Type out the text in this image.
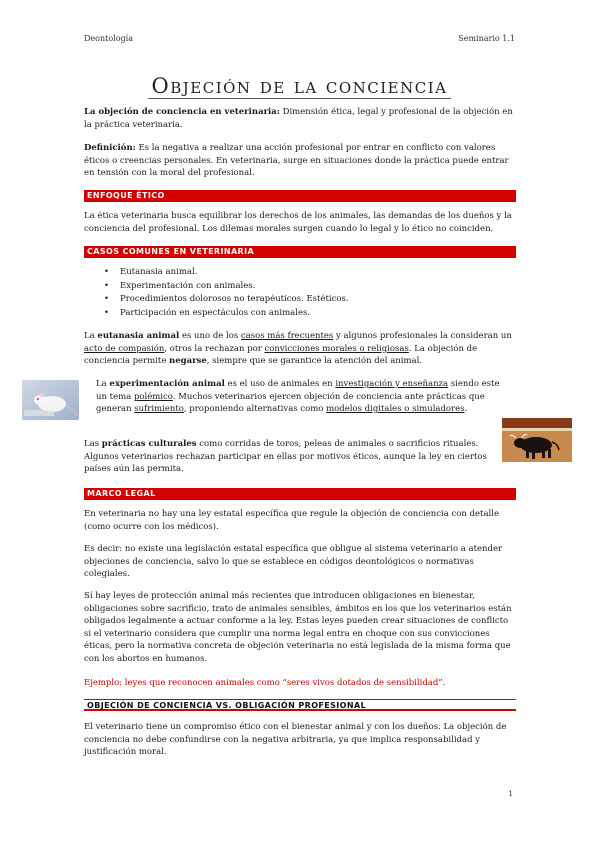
Deontología	Seminario 1.1
Objeción de la conciencia

La objeción de conciencia en veterinaria: Dimensión ética, legal y profesional de la objeción en la práctica veterinaria.

Definición: Es la negativa a realizar una acción profesional por entrar en conflicto con valores éticos o creencias personales. En veterinaria, surge en situaciones donde la práctica puede entrar en tensión con la moral del profesional.

ENFOQUE ÉTICO

La ética veterinaria busca equilibrar los derechos de los animales, las demandas de los dueños y la conciencia del profesional. Los dilemas morales surgen cuando lo legal y lo ético no coinciden.

CASOS COMUNES EN VETERINARIA
• Eutanasia animal.
• Experimentación con animales.
• Procedimientos dolorosos no terapéuticos. Estéticos.
• Participación en espectáculos con animales.

La eutanasia animal es uno de los casos más frecuentes y algunos profesionales la consideran un acto de compasión, otros la rechazan por convicciones morales o religiosas. La objeción de conciencia permite negarse, siempre que se garantice la atención del animal.

La experimentación animal es el uso de animales en investigación y enseñanza siendo este un tema polémico. Muchos veterinarios ejercen objeción de conciencia ante prácticas que generan sufrimiento, proponiendo alternativas como modelos digitales o simuladores.

Las prácticas culturales como corridas de toros, peleas de animales o sacrificios rituales. Algunos veterinarios rechazan participar en ellas por motivos éticos, aunque la ley en ciertos países aún las permita.

MARCO LEGAL

En veterinaria no hay una ley estatal específica que regule la objeción de conciencia con detalle (como ocurre con los médicos).

Es decir: no existe una legislación estatal específica que obligue al sistema veterinario a atender objeciones de conciencia, salvo lo que se establece en códigos deontológicos o normativas colegiales.

Sí hay leyes de protección animal más recientes que introducen obligaciones en bienestar, obligaciones sobre sacrificio, trato de animales sensibles, ámbitos en los que los veterinarios están obligados legalmente a actuar conforme a la ley. Estas leyes pueden crear situaciones de conflicto si el veterinario considera que cumplir una norma legal entra en choque con sus convicciones éticas, pero la normativa concreta de objeción veterinaria no está legislada de la misma forma que con los abortos en humanos.

Ejemplo: leyes que reconocen animales como “seres vivos dotados de sensibilidad”.

OBJECIÓN DE CONCIENCIA VS. OBLIGACIÓN PROFESIONAL

El veterinario tiene un compromiso ético con el bienestar animal y con los dueños. La objeción de conciencia no debe confundirse con la negativa arbitraria, ya que implica responsabilidad y justificación moral.

1
